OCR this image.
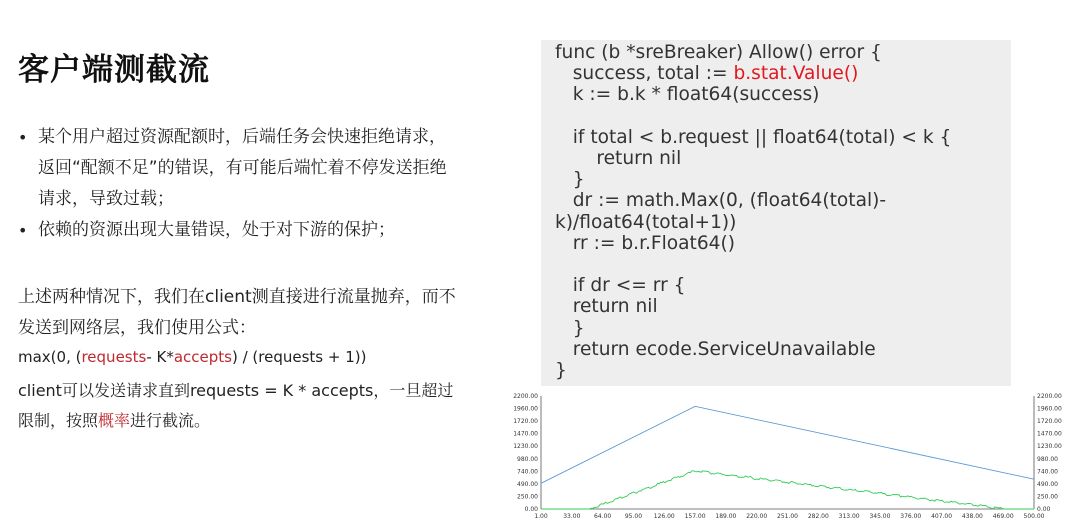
客户端测截流
• 某个用户超过资源配额时，后端任务会快速拒绝请求，返回“配额不足”的错误，有可能后端忙着不停发送拒绝请求，导致过载；
• 依赖的资源出现大量错误，处于对下游的保护；
上述两种情况下，我们在client测直接进行流量抛弃，而不发送到网络层，我们使用公式：
max(0, (requests- K*accepts) / (requests + 1))
client可以发送请求直到requests = K * accepts，一旦超过限制，按照概率进行截流。
func (b *sreBreaker) Allow() error {
success, total := b.stat.Value()
k := b.k * float64(success)

if total < b.request || float64(total) < k {
return nil
}
dr := math.Max(0, (float64(total)-
k)/float64(total+1))
rr := b.r.Float64()

if dr <= rr {
return nil
}
return ecode.ServiceUnavailable
}
0.00	0.00
250.00	250.00
490.00	490.00
740.00	740.00
980.00	980.00
1230.00	1230.00
1470.00	1470.00
1720.00	1720.00
1960.00	1960.00
2200.00	2200.00
1.00	33.00 64.00 95.00 126.00 157.00 189.00 220.00 251.00 282.00 313.00 345.00 376.00 407.00 438.00 469.00 500.00
